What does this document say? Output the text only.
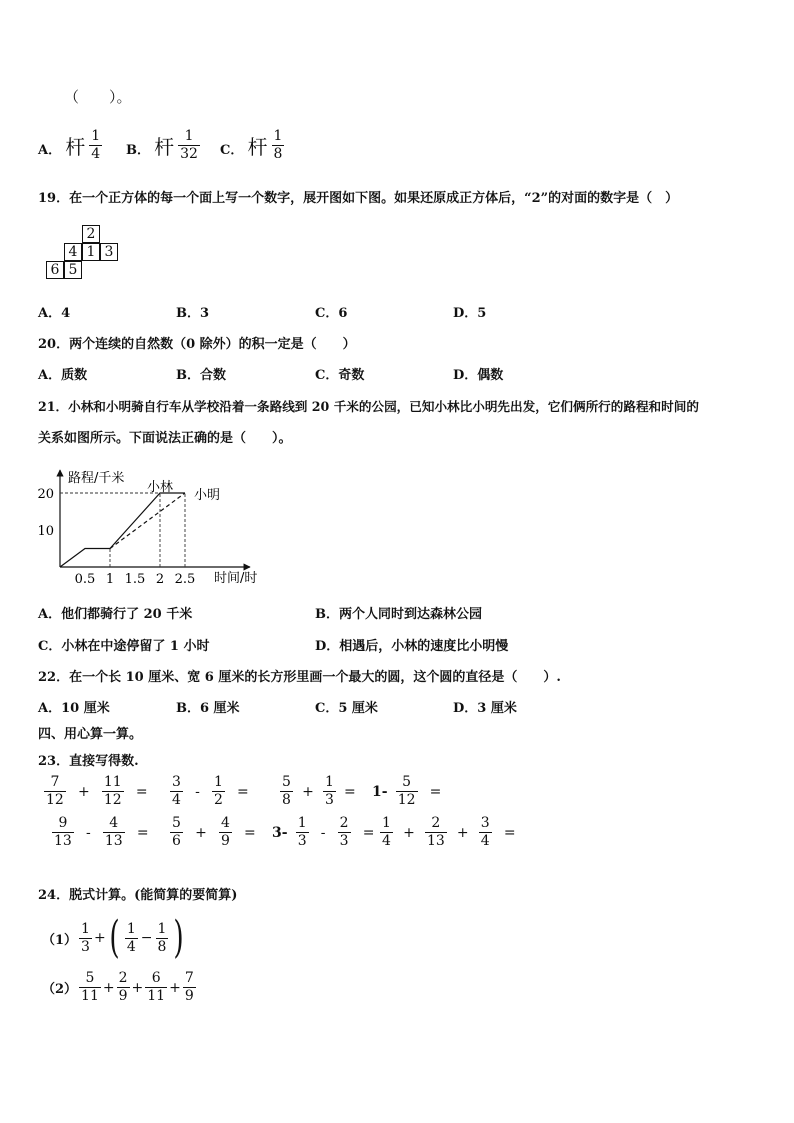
（　　）。
A． 杆 $\frac{1}{4}$ B． 杆 $\frac{1}{32}$ C． 杆 $\frac{1}{8}$
19．在一个正方体的每一个面上写一个数字，展开图如下图。如果还原成正方体后，“2”的对面的数字是（　）
2
4 1 3
6 5
A．4	B．3	C．6	D．5
20．两个连续的自然数（0 除外）的积一定是（　　）
A．质数	B．合数	C．奇数	D．偶数
21．小林和小明骑自行车从学校沿着一条路线到 20 千米的公园，已知小林比小明先出发，它们俩所行的路程和时间的
关系如图所示。下面说法正确的是（　　）。
0.5 1 1.5 2 2.5
10
20
路程/千米
时间/时
小林
小明
A．他们都骑行了 20 千米	B．两个人同时到达森林公园
C．小林在中途停留了 1 小时	D．相遇后，小林的速度比小明慢
22．在一个长 10 厘米、宽 6 厘米的长方形里画一个最大的圆，这个圆的直径是（　　）.
A．10 厘米	B．6 厘米	C．5 厘米	D．3 厘米
四、用心算一算。
23．直接写得数.
$\frac{7}{12} + \frac{11}{12}$ =	$\frac{3}{4} - \frac{1}{2}$ =	$\frac{5}{8} + \frac{1}{3} = 1- \frac{5}{12}$ =
$\frac{9}{13} - \frac{4}{13}$ =	$\frac{5}{6} + \frac{4}{9}$ =	$3- \frac{1}{3} - \frac{2}{3} = \frac{1}{4} + \frac{2}{13} + \frac{3}{4}$ =
24．脱式计算。(能简算的要简算)
$(1) \frac{1}{3}$ + ( $\frac{1}{4} - \frac{1}{8}$ )
$(2) \frac{5}{11} + \frac{2}{9} + \frac{6}{11} + \frac{7}{9}$
